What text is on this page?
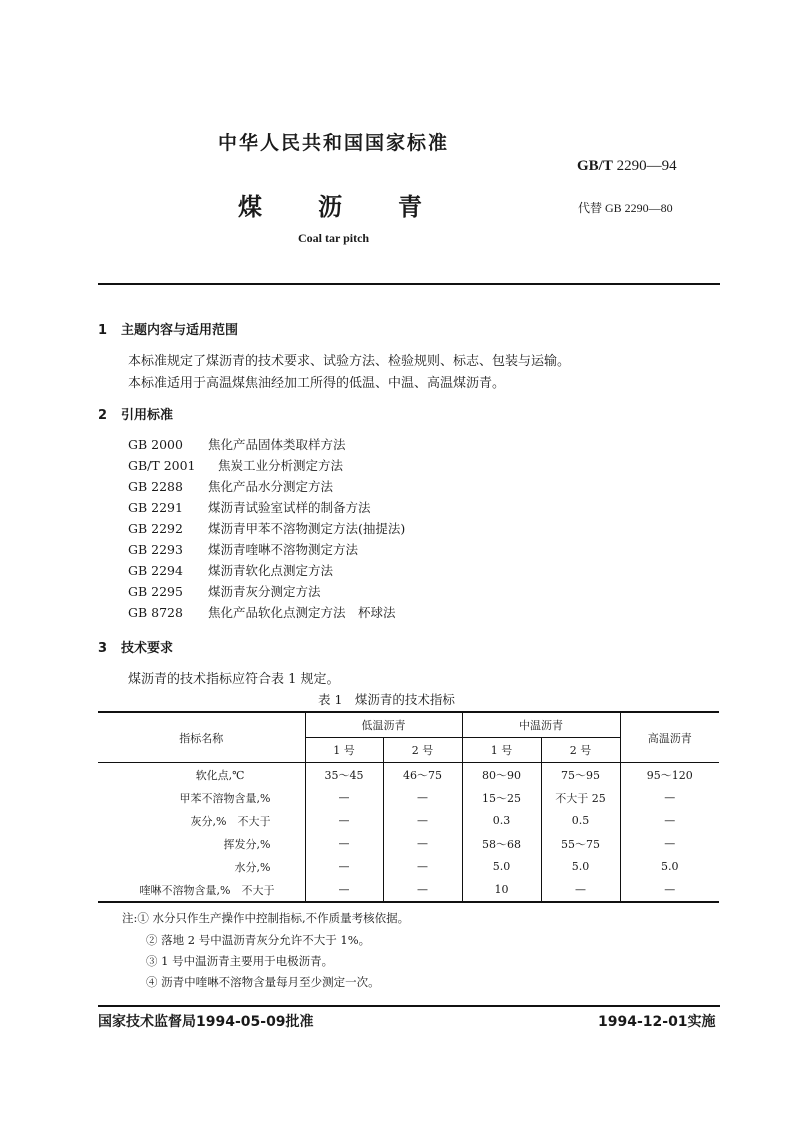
中华人民共和国国家标准
GB/T 2290—94
煤 沥 青	代替 GB 2290—80
Coal tar pitch
1 主题内容与适用范围
本标准规定了煤沥青的技术要求、试验方法、检验规则、标志、包装与运输。
本标准适用于高温煤焦油经加工所得的低温、中温、高温煤沥青。
2 引用标准
GB 2000 焦化产品固体类取样方法
GB/T 2001 焦炭工业分析测定方法
GB 2288 焦化产品水分测定方法
GB 2291 煤沥青试验室试样的制备方法
GB 2292 煤沥青甲苯不溶物测定方法(抽提法)
GB 2293 煤沥青喹啉不溶物测定方法
GB 2294 煤沥青软化点测定方法
GB 2295 煤沥青灰分测定方法
GB 8728 焦化产品软化点测定方法　杯球法
3 技术要求
煤沥青的技术指标应符合表 1 规定。
表 1　煤沥青的技术指标
指标名称	低温沥青		中温沥青		高温沥青
	1 号	2 号	1 号	2 号	
软化点,℃	35～45	46～75	80～90	75～95	95～120
甲苯不溶物含量,%	—	—	15～25	不大于 25	—
灰分,%　不大于	—	—	0.3	0.5	—
挥发分,%	—	—	58～68	55～75	—
水分,%	—	—	5.0	5.0	5.0
喹啉不溶物含量,%　不大于	—	—	10	—	—
注:① 水分只作生产操作中控制指标,不作质量考核依据。
② 落地 2 号中温沥青灰分允许不大于 1%。
③ 1 号中温沥青主要用于电极沥青。
④ 沥青中喹啉不溶物含量每月至少测定一次。
国家技术监督局1994-05-09批准	1994-12-01实施
